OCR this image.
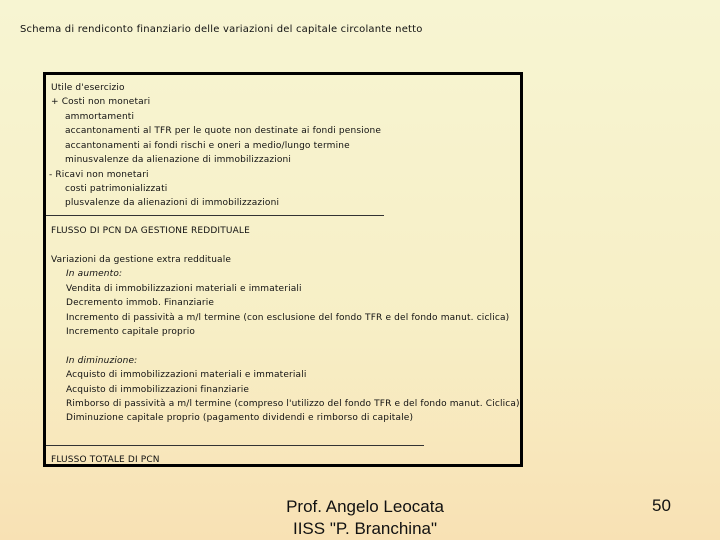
Schema di rendiconto finanziario delle variazioni del capitale circolante netto
Utile d'esercizio
+ Costi non monetari
ammortamenti
accantonamenti al TFR per le quote non destinate ai fondi pensione
accantonamenti ai fondi rischi e oneri a medio/lungo termine
minusvalenze da alienazione di immobilizzazioni
- Ricavi non monetari
costi patrimonializzati
plusvalenze da alienazioni di immobilizzazioni
FLUSSO DI PCN DA GESTIONE REDDITUALE
Variazioni da gestione extra reddituale
In aumento:
Vendita di immobilizzazioni materiali e immateriali
Decremento immob. Finanziarie
Incremento di passività a m/l termine (con esclusione del fondo TFR e del fondo manut. ciclica)
Incremento capitale proprio
In diminuzione:
Acquisto di immobilizzazioni materiali e immateriali
Acquisto di immobilizzazioni finanziarie
Rimborso di passività a m/l termine (compreso l'utilizzo del fondo TFR e del fondo manut. Ciclica)
Diminuzione capitale proprio (pagamento dividendi e rimborso di capitale)
FLUSSO TOTALE DI PCN
Prof. Angelo Leocata
IISS "P. Branchina"
50
